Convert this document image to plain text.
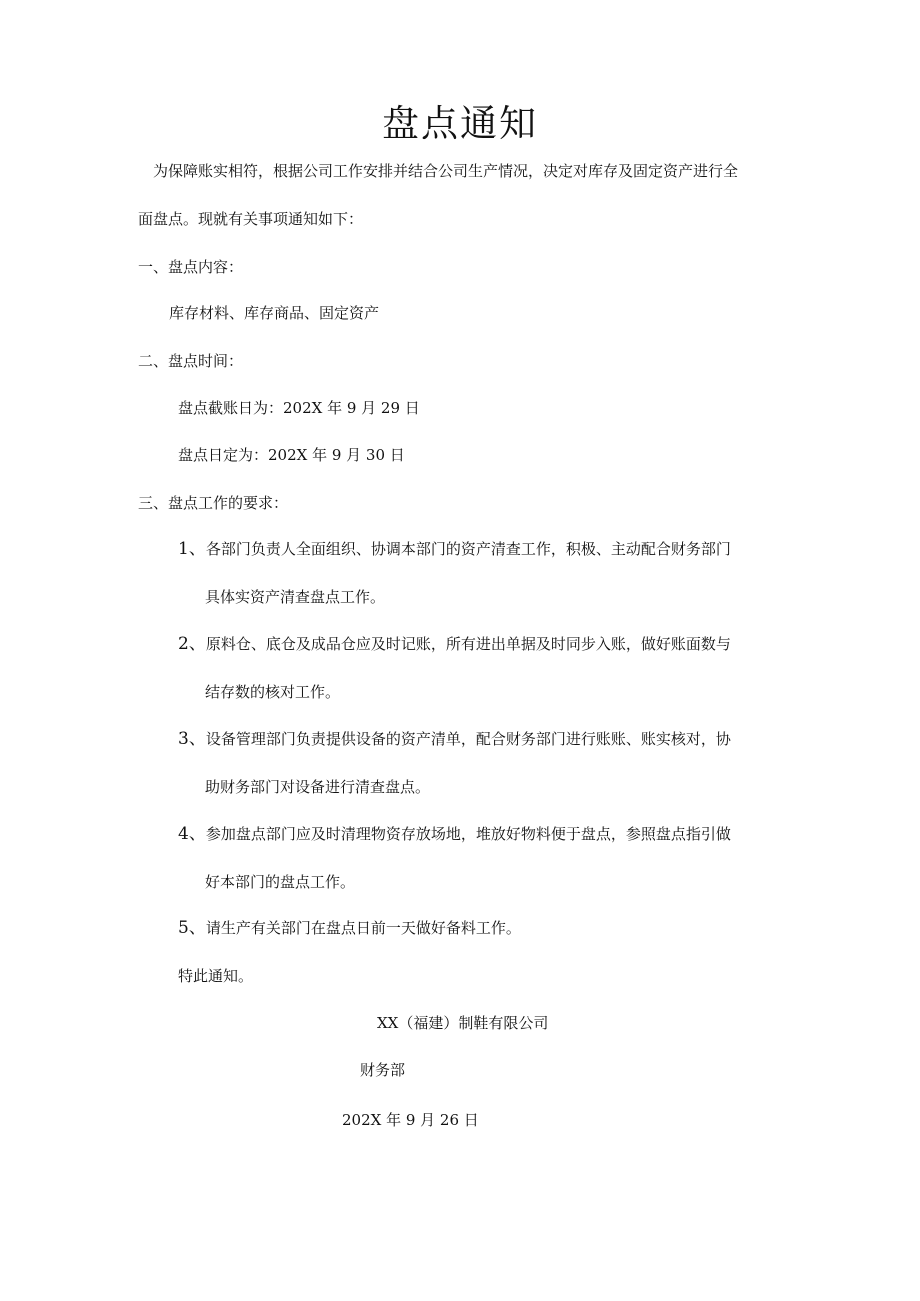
盘点通知
为保障账实相符，根据公司工作安排并结合公司生产情况，决定对库存及固定资产进行全
面盘点。现就有关事项通知如下：
一、盘点内容：
库存材料、库存商品、固定资产
二、盘点时间：
盘点截账日为：202X 年 9 月 29 日
盘点日定为：202X 年 9 月 30 日
三、盘点工作的要求：
1、各部门负责人全面组织、协调本部门的资产清查工作，积极、主动配合财务部门
具体实资产清查盘点工作。
2、原料仓、底仓及成品仓应及时记账，所有进出单据及时同步入账，做好账面数与
结存数的核对工作。
3、设备管理部门负责提供设备的资产清单，配合财务部门进行账账、账实核对，协
助财务部门对设备进行清查盘点。
4、参加盘点部门应及时清理物资存放场地，堆放好物料便于盘点，参照盘点指引做
好本部门的盘点工作。
5、请生产有关部门在盘点日前一天做好备料工作。
特此通知。
XX（福建）制鞋有限公司
财务部
202X 年 9 月 26 日
